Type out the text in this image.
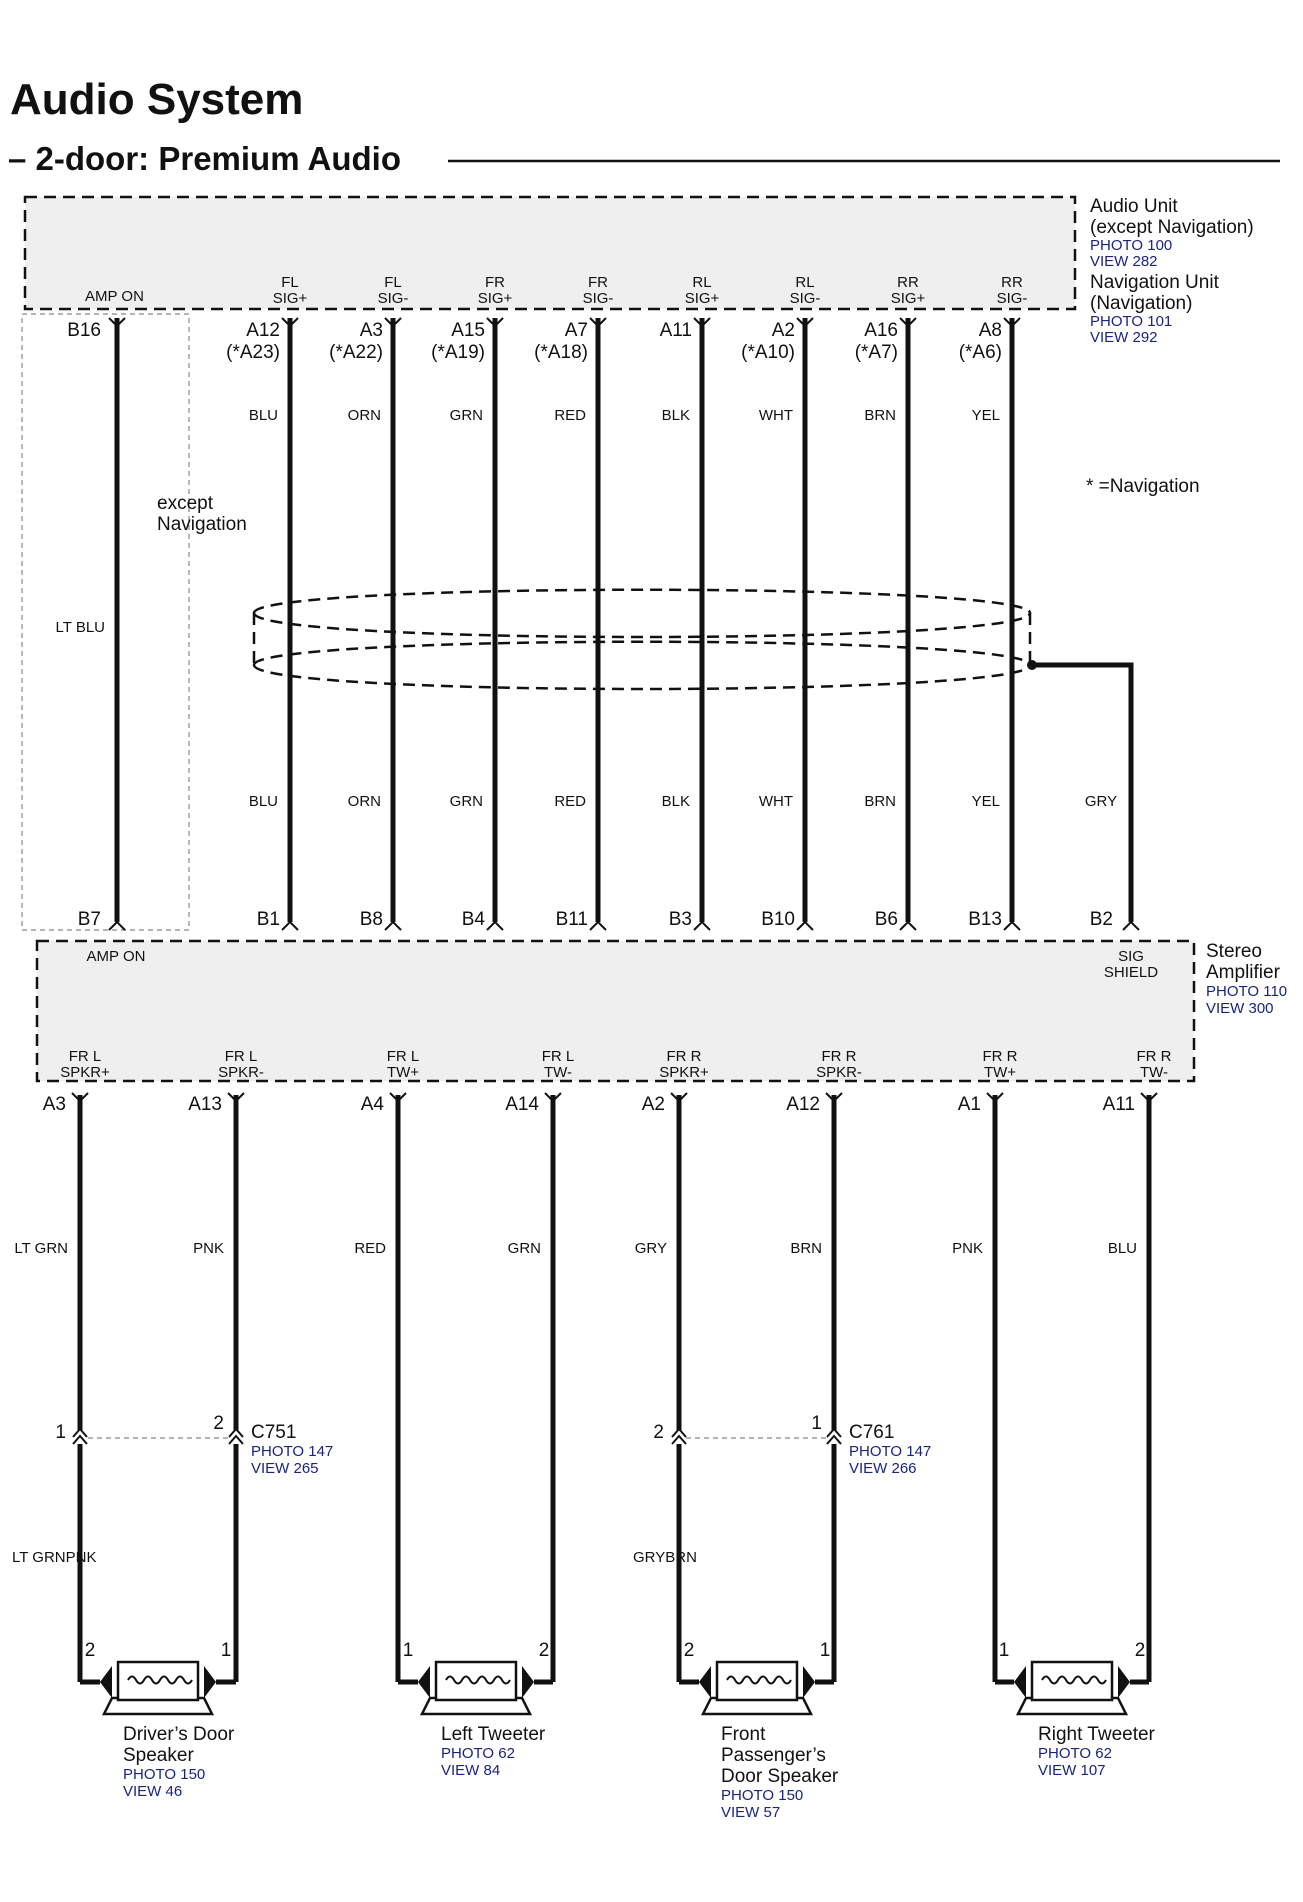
Audio System
– 2-door: Premium Audio
AMP ON
Audio Unit
(except Navigation)
PHOTO 100
VIEW 282
Navigation Unit
(Navigation)
PHOTO 101
VIEW 292
* =Navigation
except
Navigation
B16
LT BLU
B7
FL
SIG+
A12
(*A23)
BLU
BLU
B1
FL
SIG-
A3
(*A22)
ORN
ORN
B8
FR
SIG+
A15
(*A19)
GRN
GRN
B4
FR
SIG-
A7
(*A18)
RED
RED
B11
RL
SIG+
A11
BLK
BLK
B3
RL
SIG-
A2
(*A10)
WHT
WHT
B10
RR
SIG+
A16
(*A7)
BRN
BRN
B6
RR
SIG-
A8
(*A6)
YEL
YEL
B13
GRY
B2
AMP ON	SIG
SHIELD
Stereo
Amplifier
PHOTO 110
VIEW 300
FR L
SPKR+
A3
LT GRN
FR L
SPKR-
A13
PNK
FR L
TW+
A4
RED
FR L
TW-
A14
GRN
FR R
SPKR+
A2
GRY
FR R
SPKR-
A12
BRN
FR R
TW+
A1
PNK
FR R
TW-
A11
BLU
1	2 C751
PHOTO 147
VIEW 265
LT GRNPNK
2	1 C761
PHOTO 147
VIEW 266
GRYBRN
2	1
Driver’s Door
Speaker
PHOTO 150
VIEW 46
1	2
Left Tweeter
PHOTO 62
VIEW 84
2	1
Front
Passenger’s
Door Speaker
PHOTO 150
VIEW 57
1	2
Right Tweeter
PHOTO 62
VIEW 107
